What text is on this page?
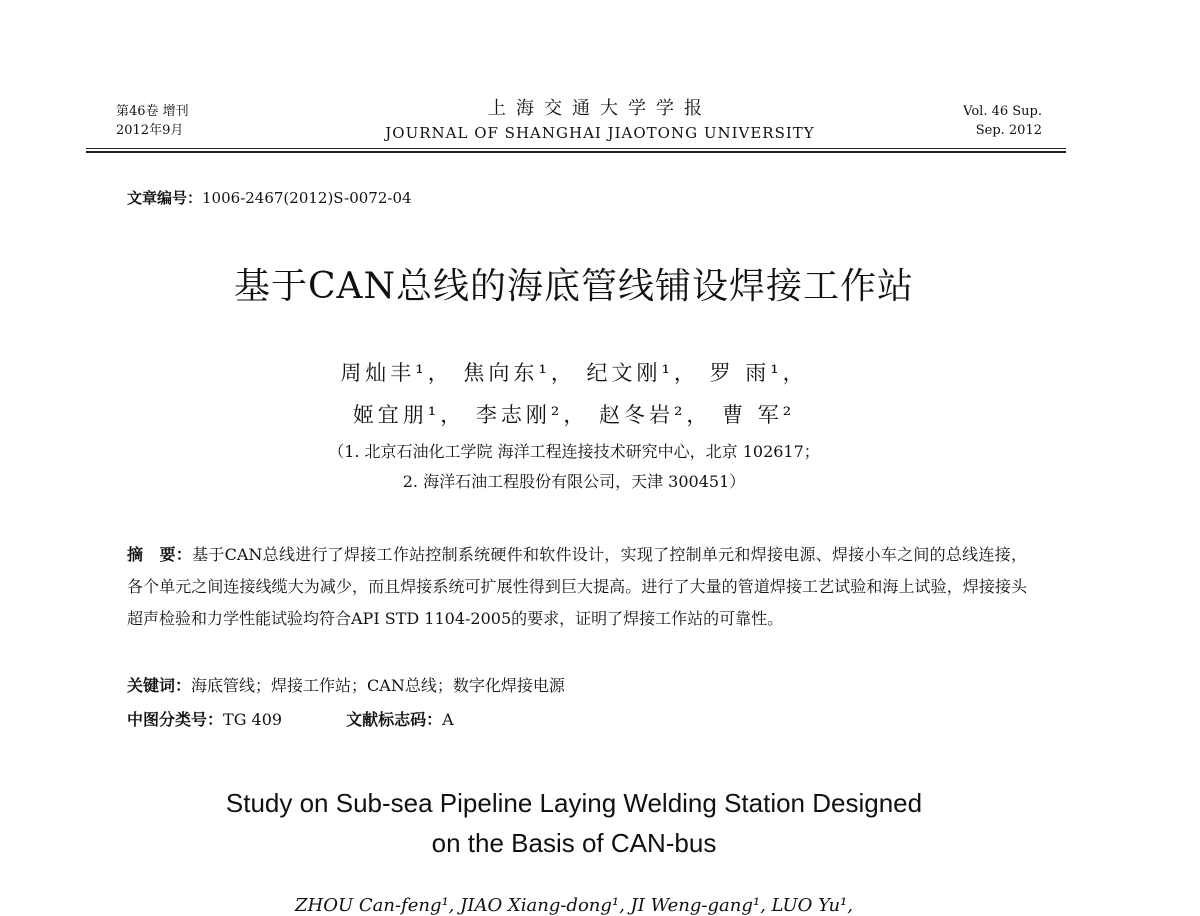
第46卷 增刊
2012年9月
上海交通大学学报
JOURNAL OF SHANGHAI JIAOTONG UNIVERSITY
Vol. 46 Sup.
Sep. 2012
文章编号：1006-2467(2012)S-0072-04
基于CAN总线的海底管线铺设焊接工作站
周灿丰¹， 焦向东¹， 纪文刚¹， 罗 雨¹，
姬宜朋¹， 李志刚²， 赵冬岩²， 曹 军²
（1. 北京石油化工学院 海洋工程连接技术研究中心，北京 102617；
2. 海洋石油工程股份有限公司，天津 300451）
摘　要：基于CAN总线进行了焊接工作站控制系统硬件和软件设计，实现了控制单元和焊接电源、焊接小车之间的总线连接，各个单元之间连接线缆大为减少，而且焊接系统可扩展性得到巨大提高。进行了大量的管道焊接工艺试验和海上试验，焊接接头超声检验和力学性能试验均符合API STD 1104-2005的要求，证明了焊接工作站的可靠性。
关键词：海底管线；焊接工作站；CAN总线；数字化焊接电源
中图分类号：TG 409	文献标志码：A
Study on Sub-sea Pipeline Laying Welding Station Designed
on the Basis of CAN-bus
ZHOU Can-feng¹, JIAO Xiang-dong¹, JI Weng-gang¹, LUO Yu¹,
